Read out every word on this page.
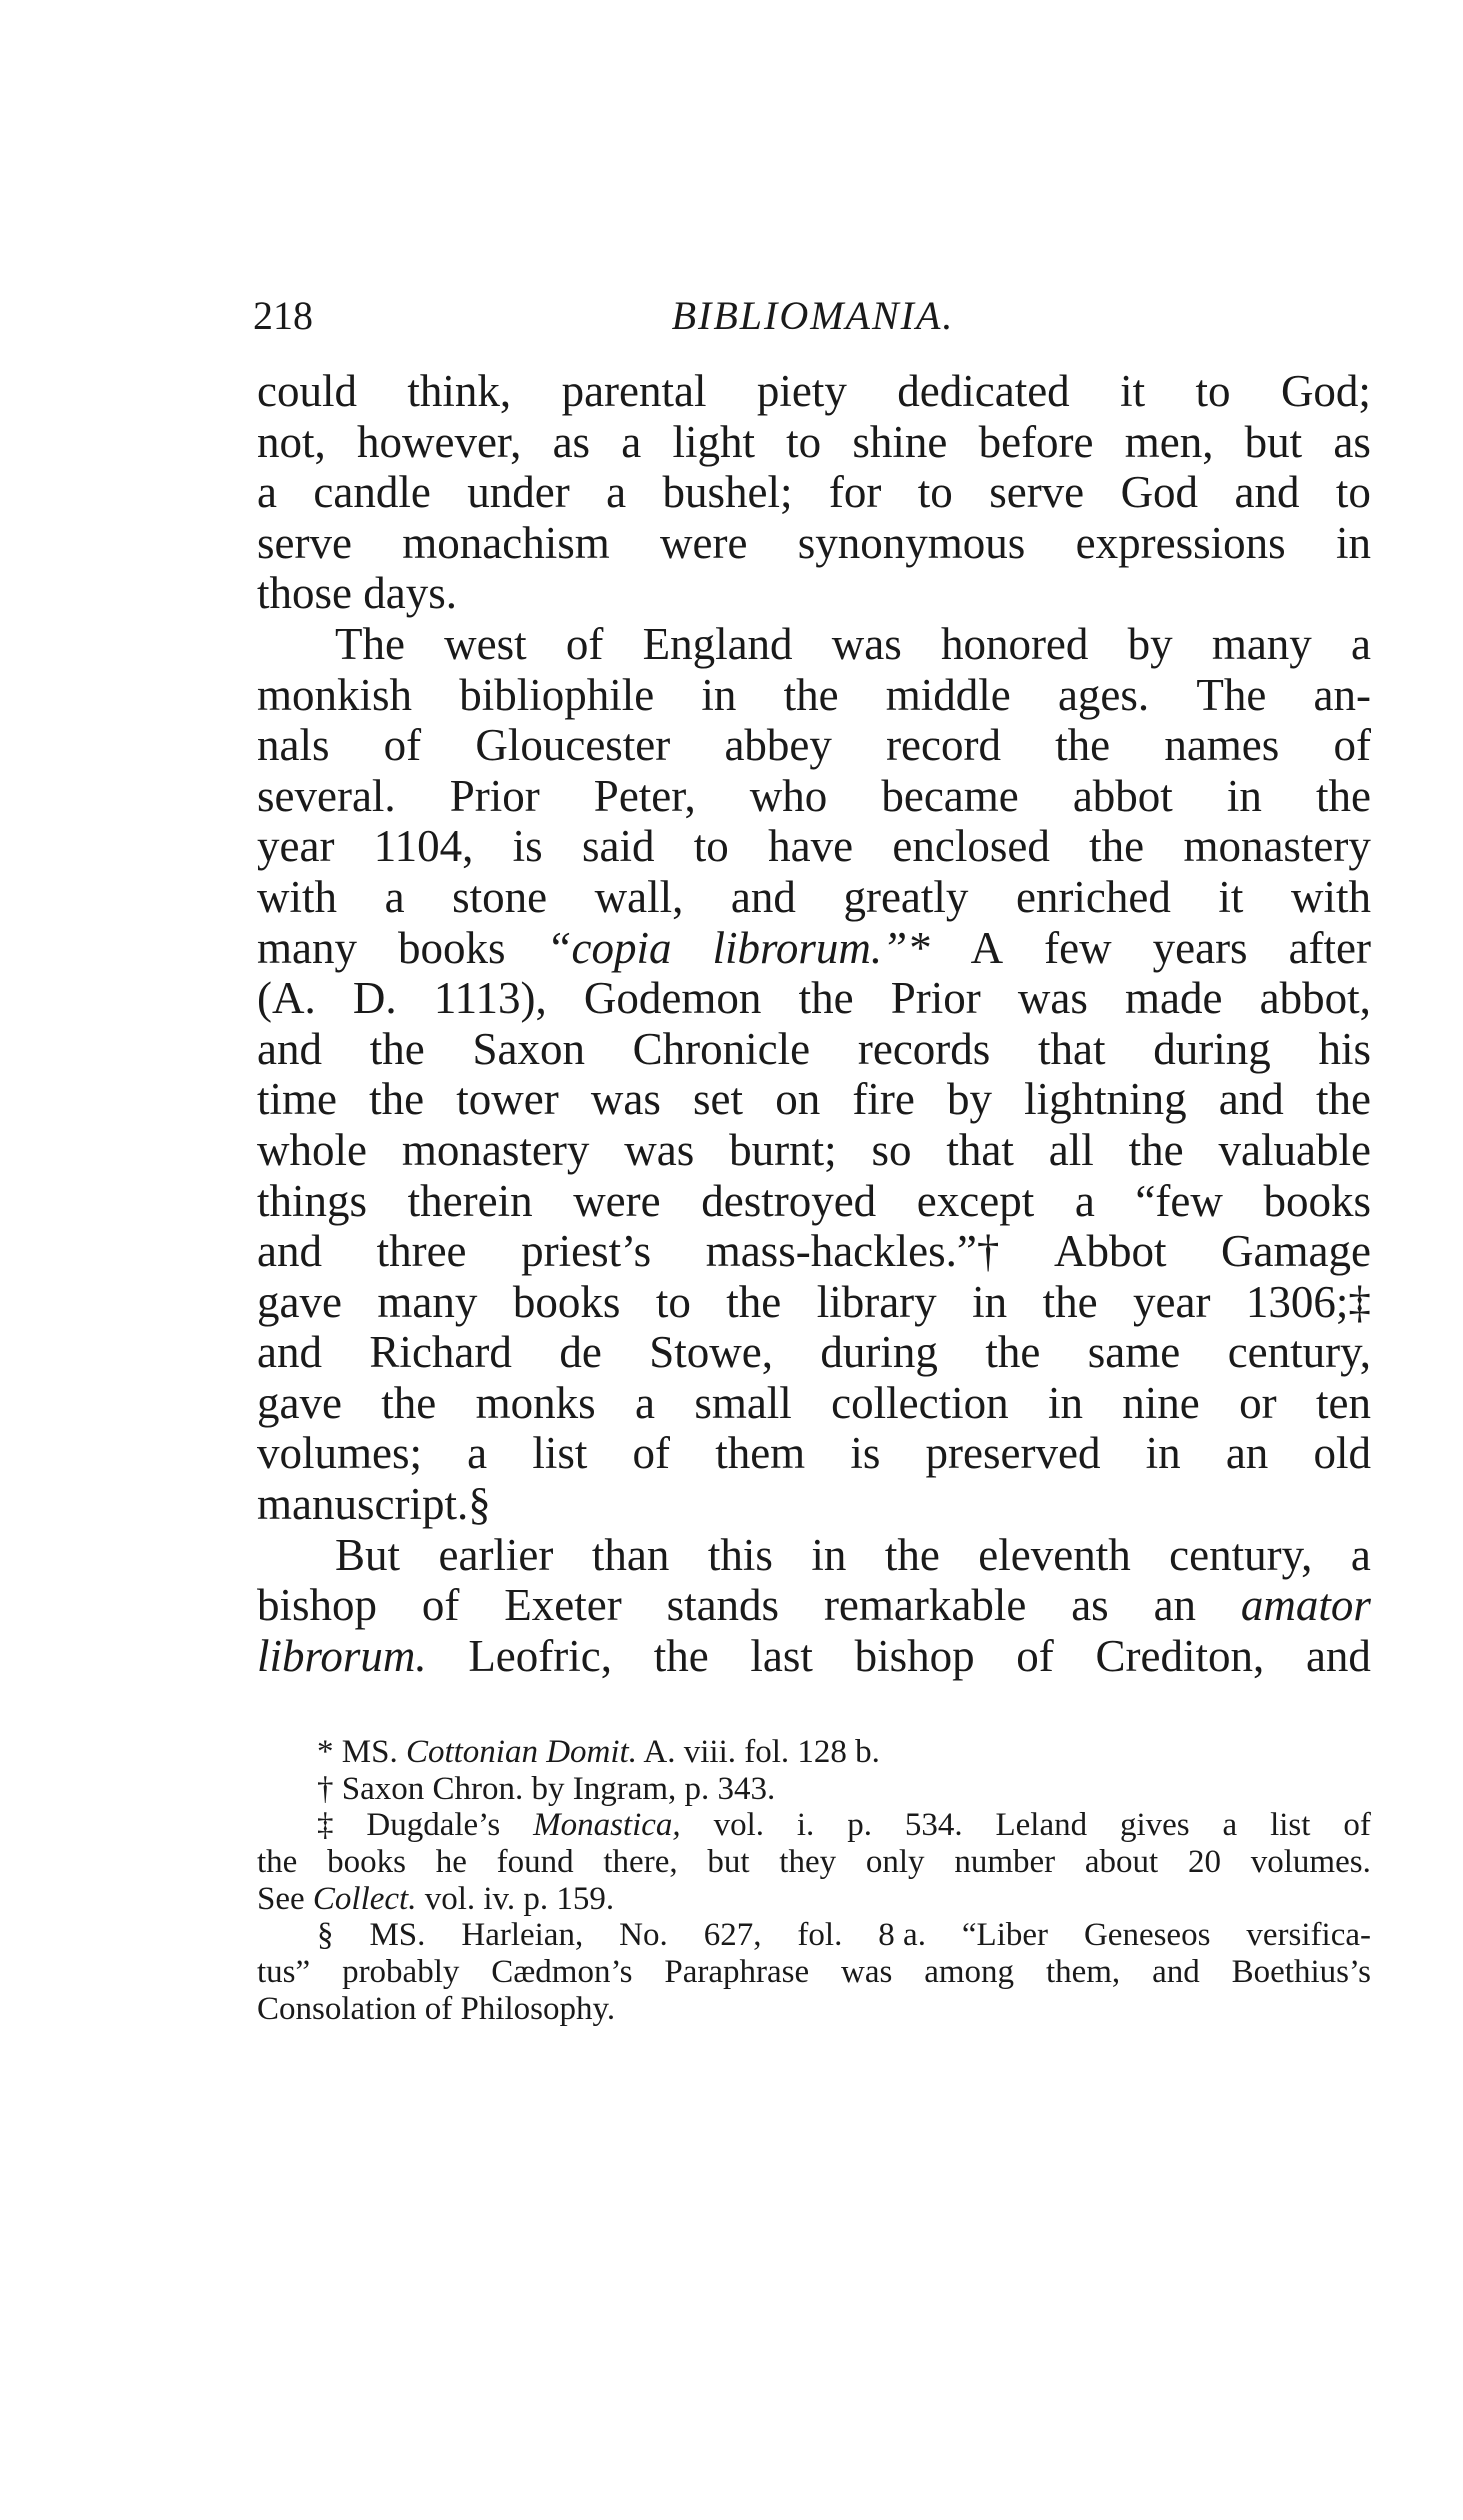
218	BIBLIOMANIA.
could think, parental piety dedicated it to God;
not, however, as a light to shine before men, but as
a candle under a bushel; for to serve God and to
serve monachism were synonymous expressions in
those
days.
The west of England was honored by many a
monkish bibliophile in the middle ages. The an-
nals of Gloucester abbey record the names of
several. Prior Peter, who became abbot in the
year 1104, is said to have enclosed the monastery
with a stone wall, and greatly enriched it with
many books “copia librorum.”* A few years after
(A. D. 1113), Godemon the Prior was made abbot,
and the Saxon Chronicle records that during his
time the tower was set on fire by lightning and the
whole monastery was burnt; so that all the valuable
things therein were destroyed except a “few books
and three priest’s mass-hackles.”† Abbot Gamage
gave many books to the library in the year 1306;‡
and Richard de Stowe, during the same century,
gave the monks a small collection in nine or ten
volumes; a list of them is preserved in an old
manuscript.§
But earlier than this in the eleventh century, a
bishop of Exeter stands remarkable as an amator
librorum. Leofric, the last bishop of Crediton, and
* MS. Cottonian Domit. A. viii. fol. 128 b.
† Saxon Chron. by Ingram, p. 343.
‡ Dugdale’s Monastica, vol. i. p. 534. Leland gives a list of
the books he found there, but they only number about 20 volumes.
See Collect. vol. iv. p. 159.
§ MS. Harleian, No. 627, fol. 8 a. “Liber Geneseos versifica-
tus” probably Cædmon’s Paraphrase was among them, and Boethius’s
Consolation of Philosophy.
